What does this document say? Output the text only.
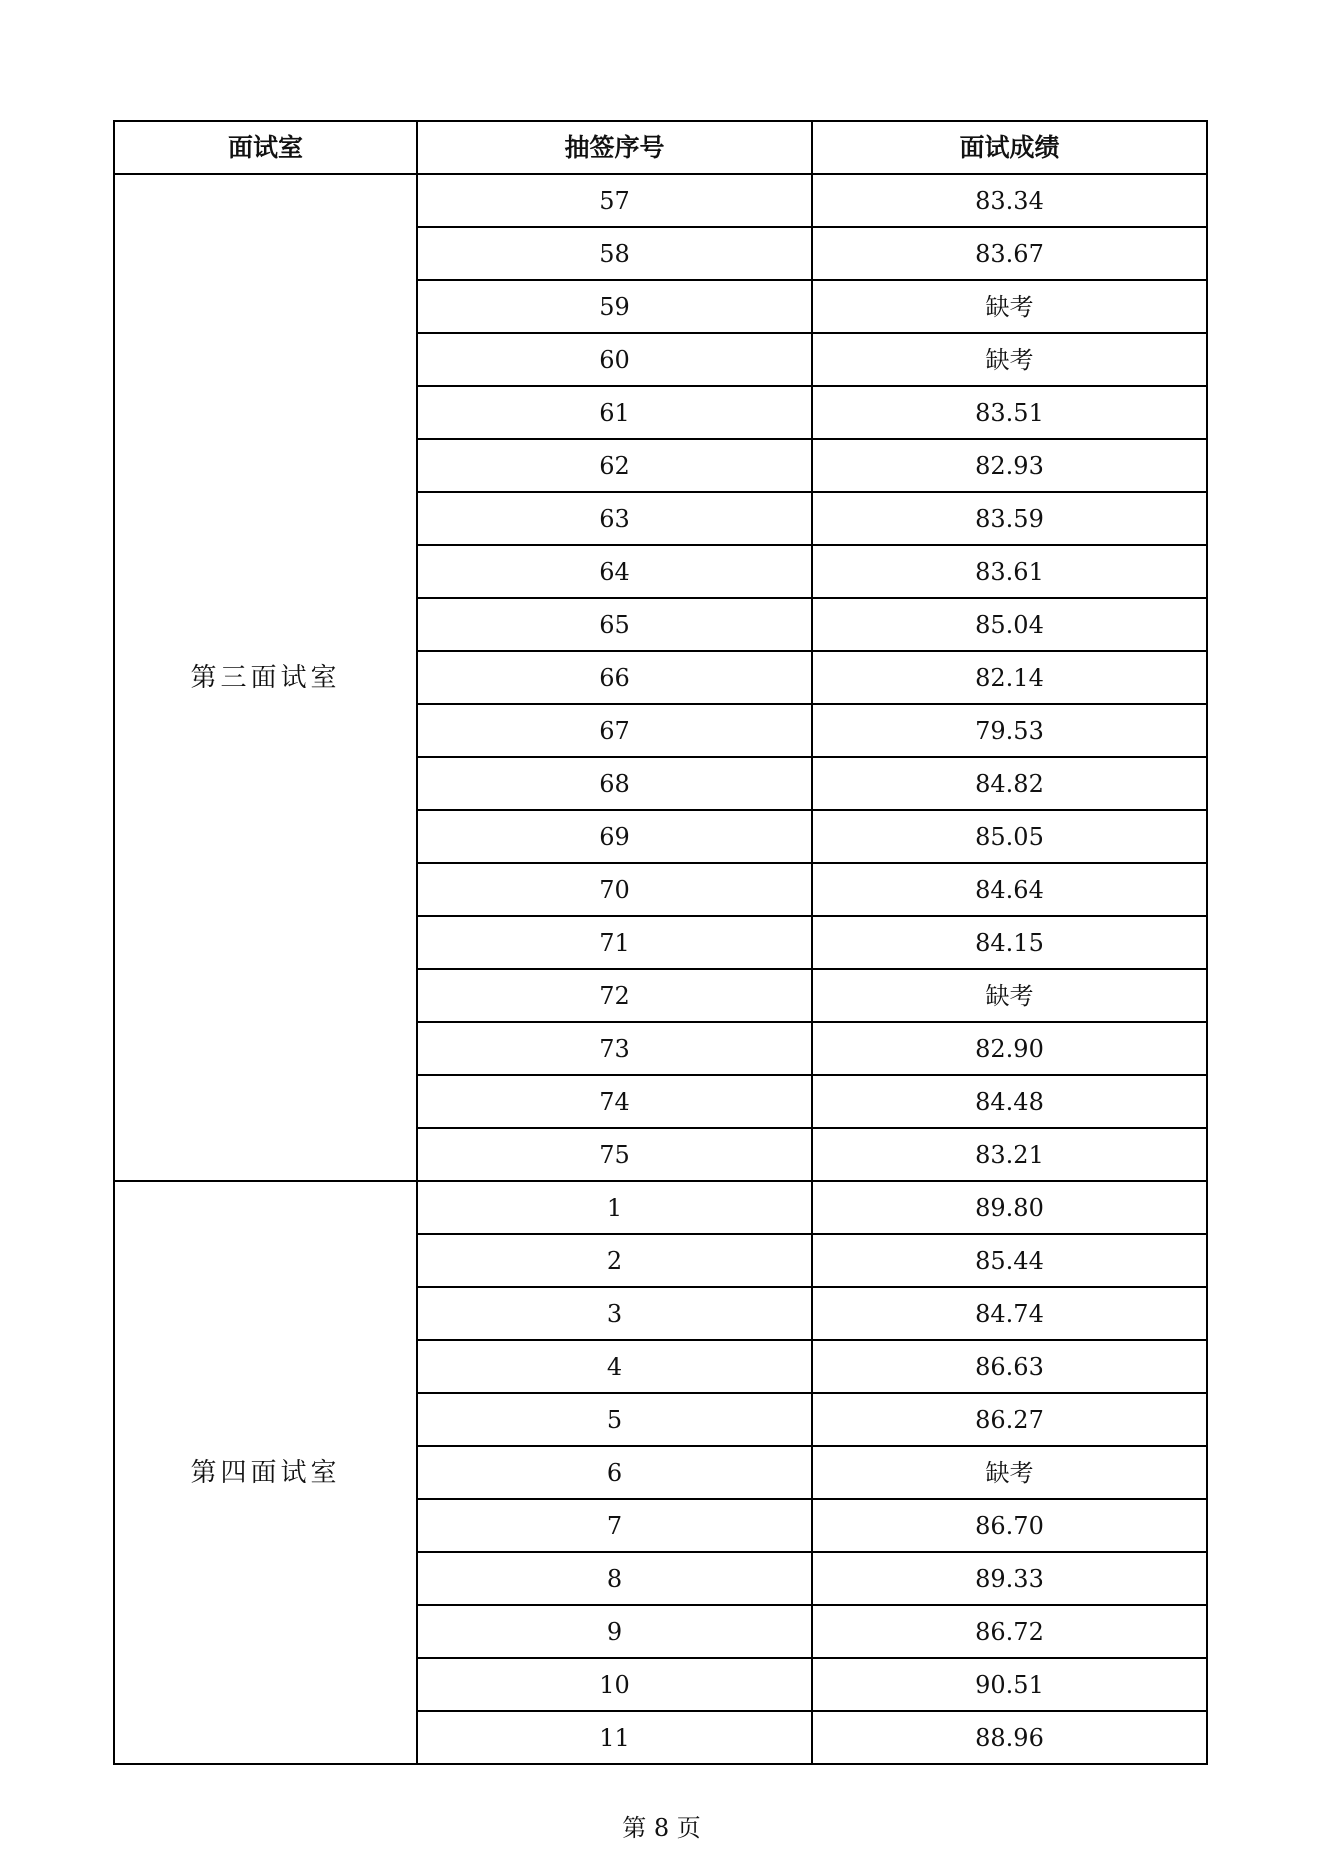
面试室	抽签序号	面试成绩
第三面试室	57	83.34
	58	83.67
	59	缺考
	60	缺考
	61	83.51
	62	82.93
	63	83.59
	64	83.61
	65	85.04
	66	82.14
	67	79.53
	68	84.82
	69	85.05
	70	84.64
	71	84.15
	72	缺考
	73	82.90
	74	84.48
	75	83.21
第四面试室	1	89.80
	2	85.44
	3	84.74
	4	86.63
	5	86.27
	6	缺考
	7	86.70
	8	89.33
	9	86.72
	10	90.51
	11	88.96
第 8 页
